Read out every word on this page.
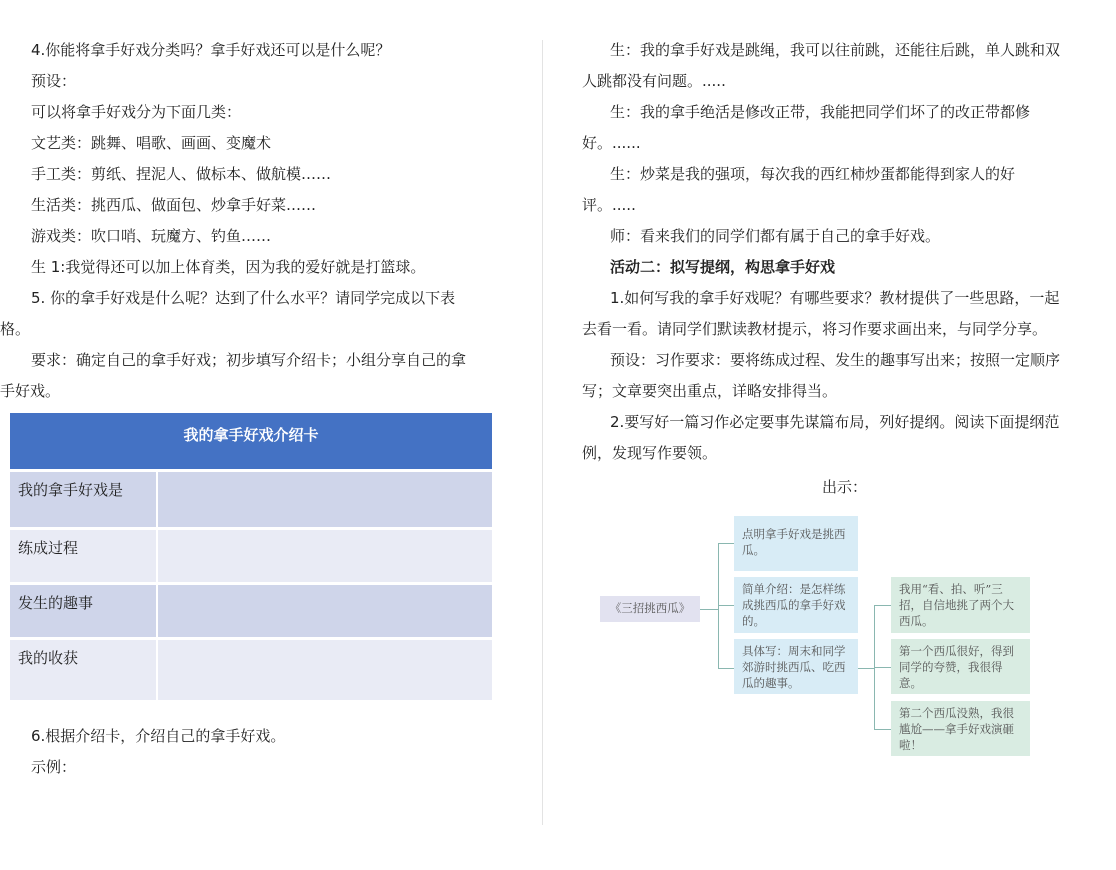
4.你能将拿手好戏分类吗？拿手好戏还可以是什么呢？
预设：
可以将拿手好戏分为下面几类：
文艺类：跳舞、唱歌、画画、变魔术
手工类：剪纸、捏泥人、做标本、做航模……
生活类：挑西瓜、做面包、炒拿手好菜……
游戏类：吹口哨、玩魔方、钓鱼……
生 1:我觉得还可以加上体育类，因为我的爱好就是打篮球。
5. 你的拿手好戏是什么呢？达到了什么水平？请同学完成以下表
格。
要求：确定自己的拿手好戏；初步填写介绍卡；小组分享自己的拿
手好戏。
我的拿手好戏介绍卡
我的拿手好戏是
练成过程
发生的趣事
我的收获
6.根据介绍卡，介绍自己的拿手好戏。
示例：
生：我的拿手好戏是跳绳，我可以往前跳，还能往后跳，单人跳和双
人跳都没有问题。.....
生：我的拿手绝活是修改正带，我能把同学们坏了的改正带都修
好。......
生：炒菜是我的强项，每次我的西红柿炒蛋都能得到家人的好
评。.....
师：看来我们的同学们都有属于自己的拿手好戏。
活动二：拟写提纲，构思拿手好戏
1.如何写我的拿手好戏呢？有哪些要求？教材提供了一些思路，一起
去看一看。请同学们默读教材提示，将习作要求画出来，与同学分享。
预设：习作要求：要将练成过程、发生的趣事写出来；按照一定顺序
写；文章要突出重点，详略安排得当。
2.要写好一篇习作必定要事先谋篇布局，列好提纲。阅读下面提纲范
例，发现写作要领。
出示：
《三招挑西瓜》
点明拿手好戏是挑西瓜。
简单介绍：是怎样练成挑西瓜的拿手好戏的。
具体写：周末和同学郊游时挑西瓜、吃西瓜的趣事。
我用“看、拍、听”三招，自信地挑了两个大西瓜。
第一个西瓜很好，得到同学的夸赞，我很得意。
第二个西瓜没熟，我很尴尬——拿手好戏演砸啦！
